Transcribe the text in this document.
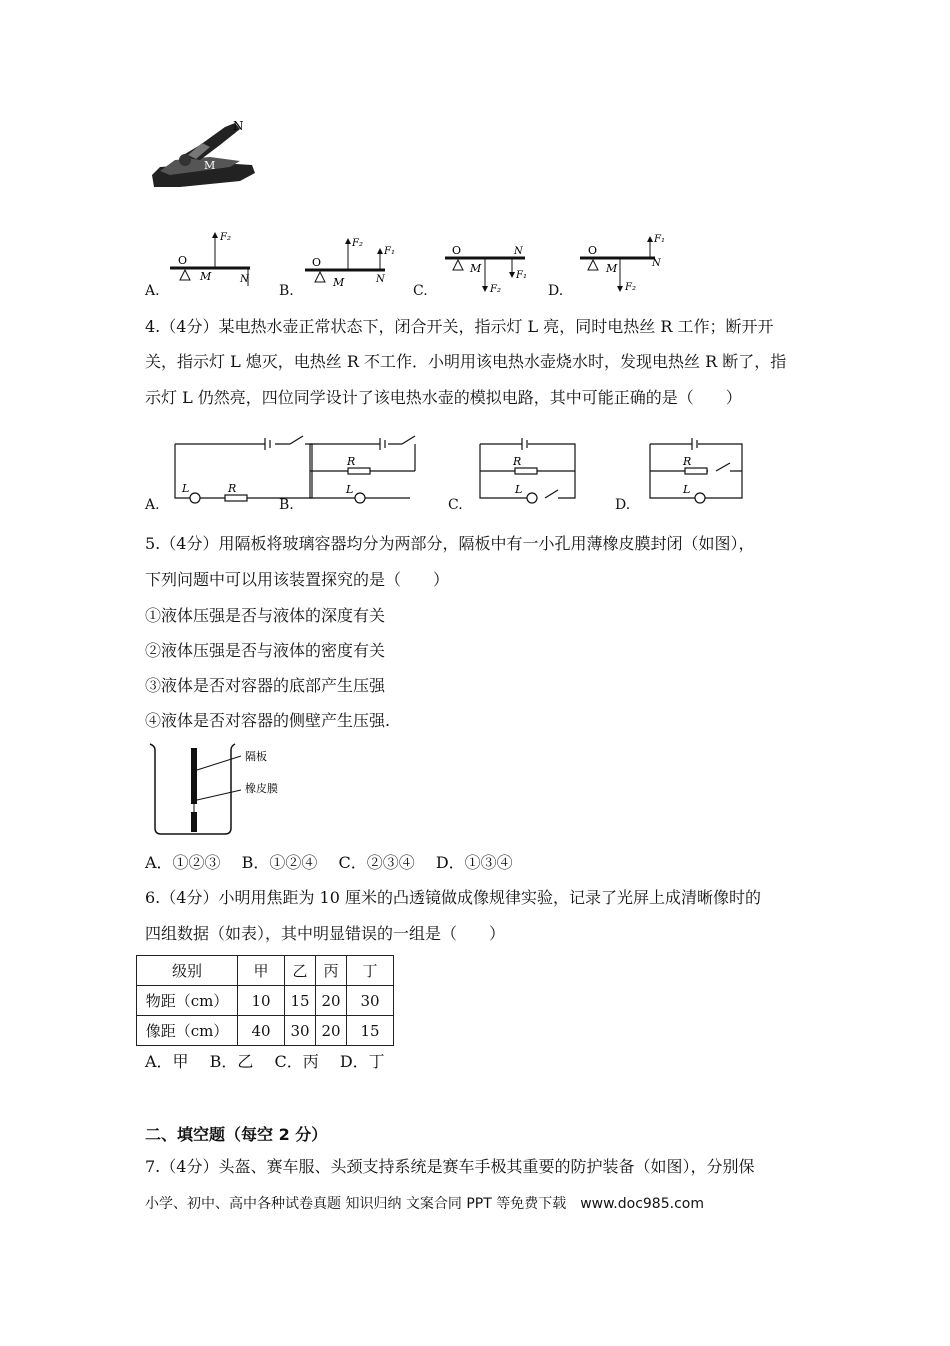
N
M
O
M
F₂
N
O
M
F₂
F₁
N
O
M
F₂
F₁
N	O
M
F₂
F₁
N
A.	B.	C.	D.
4.（4分）某电热水壶正常状态下，闭合开关，指示灯 L 亮，同时电热丝 R 工作；断开开
关，指示灯 L 熄灭，电热丝 R 不工作．小明用该电热水壶烧水时，发现电热丝 R 断了，指
示灯 L 仍然亮，四位同学设计了该电热水壶的模拟电路，其中可能正确的是（　　）
L	R
R
L
R
L
R
L
A.	B.	C.	D.
5.（4分）用隔板将玻璃容器均分为两部分，隔板中有一小孔用薄橡皮膜封闭（如图），
下列问题中可以用该装置探究的是（　　）
①液体压强是否与液体的深度有关
②液体压强是否与液体的密度有关
③液体是否对容器的底部产生压强
④液体是否对容器的侧壁产生压强.
隔板
橡皮膜
A．①②③　 B．①②④　 C．②③④　 D．①③④
6.（4分）小明用焦距为 10 厘米的凸透镜做成像规律实验，记录了光屏上成清晰像时的
四组数据（如表），其中明显错误的一组是（　　）
级别	甲	乙	丙	丁
物距（cm）	10	15	20	30
像距（cm）	40	30	20	15
A．甲　 B．乙　 C．丙　 D．丁
二、填空题（每空 2 分）
7.（4分）头盔、赛车服、头颈支持系统是赛车手极其重要的防护装备（如图），分别保
小学、初中、高中各种试卷真题 知识归纳 文案合同 PPT 等免费下载　www.doc985.com
